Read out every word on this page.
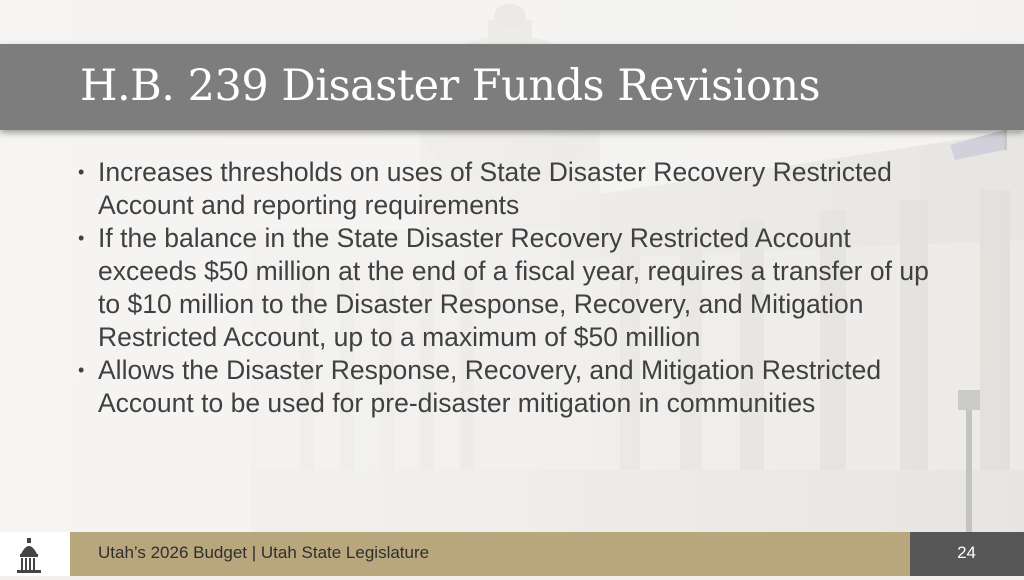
H.B. 239 Disaster Funds Revisions
• Increases thresholds on uses of State Disaster Recovery Restricted Account and reporting requirements
• If the balance in the State Disaster Recovery Restricted Account exceeds $50 million at the end of a fiscal year, requires a transfer of up to $10 million to the Disaster Response, Recovery, and Mitigation Restricted Account, up to a maximum of $50 million
• Allows the Disaster Response, Recovery, and Mitigation Restricted Account to be used for pre-disaster mitigation in communities
Utah’s 2026 Budget | Utah State Legislature	24
